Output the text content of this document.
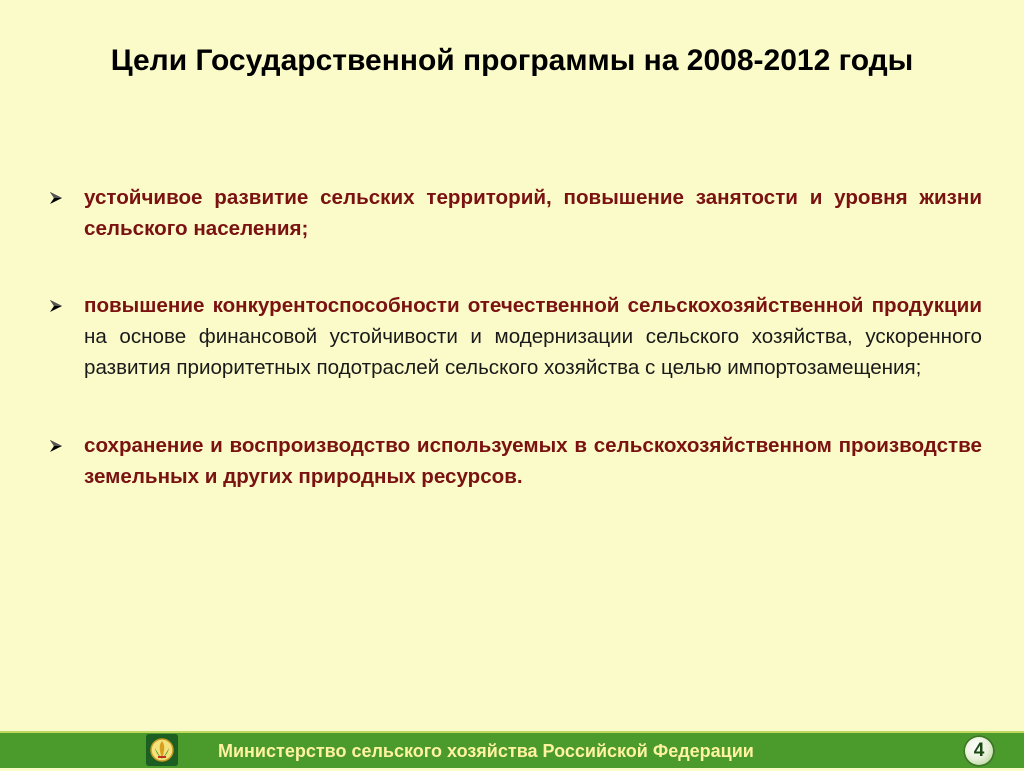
Цели Государственной программы на 2008-2012 годы
устойчивое развитие сельских территорий, повышение занятости и уровня жизни сельского населения;
повышение конкурентоспособности отечественной сельскохозяйственной продукции на основе финансовой устойчивости и модернизации сельского хозяйства, ускоренного развития приоритетных подотраслей сельского хозяйства с целью импортозамещения;
сохранение и воспроизводство используемых в сельскохозяйственном производстве земельных и других природных ресурсов.
Министерство сельского хозяйства Российской Федерации	4
